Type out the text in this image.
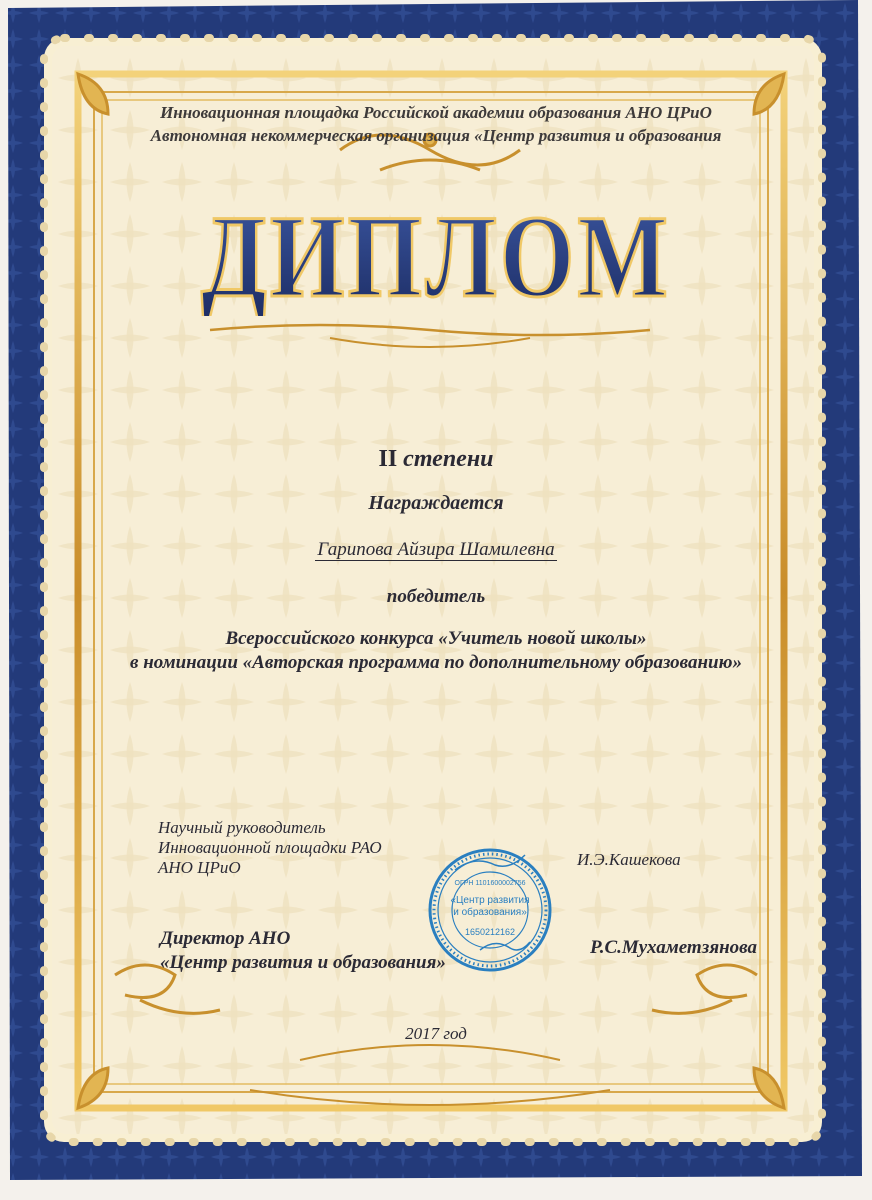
Инновационная площадка Российской академии образования АНО ЦРиО
Автономная некоммерческая организация «Центр развития и образования
ДИПЛОМ
II степени
Награждается
Гарипова Айзира Шамилевна
победитель
Всероссийского конкурса «Учитель новой школы»
в номинации «Авторская программа по дополнительному образованию»
Научный руководитель
Инновационной площадки РАО
АНО ЦРиО	И.Э.Кашекова
Директор АНО
«Центр развития и образования»
Р.С.Мухаметзянова
«Центр развития
и образования»
ОГРН 1101600002756
1650212162
2017 год
